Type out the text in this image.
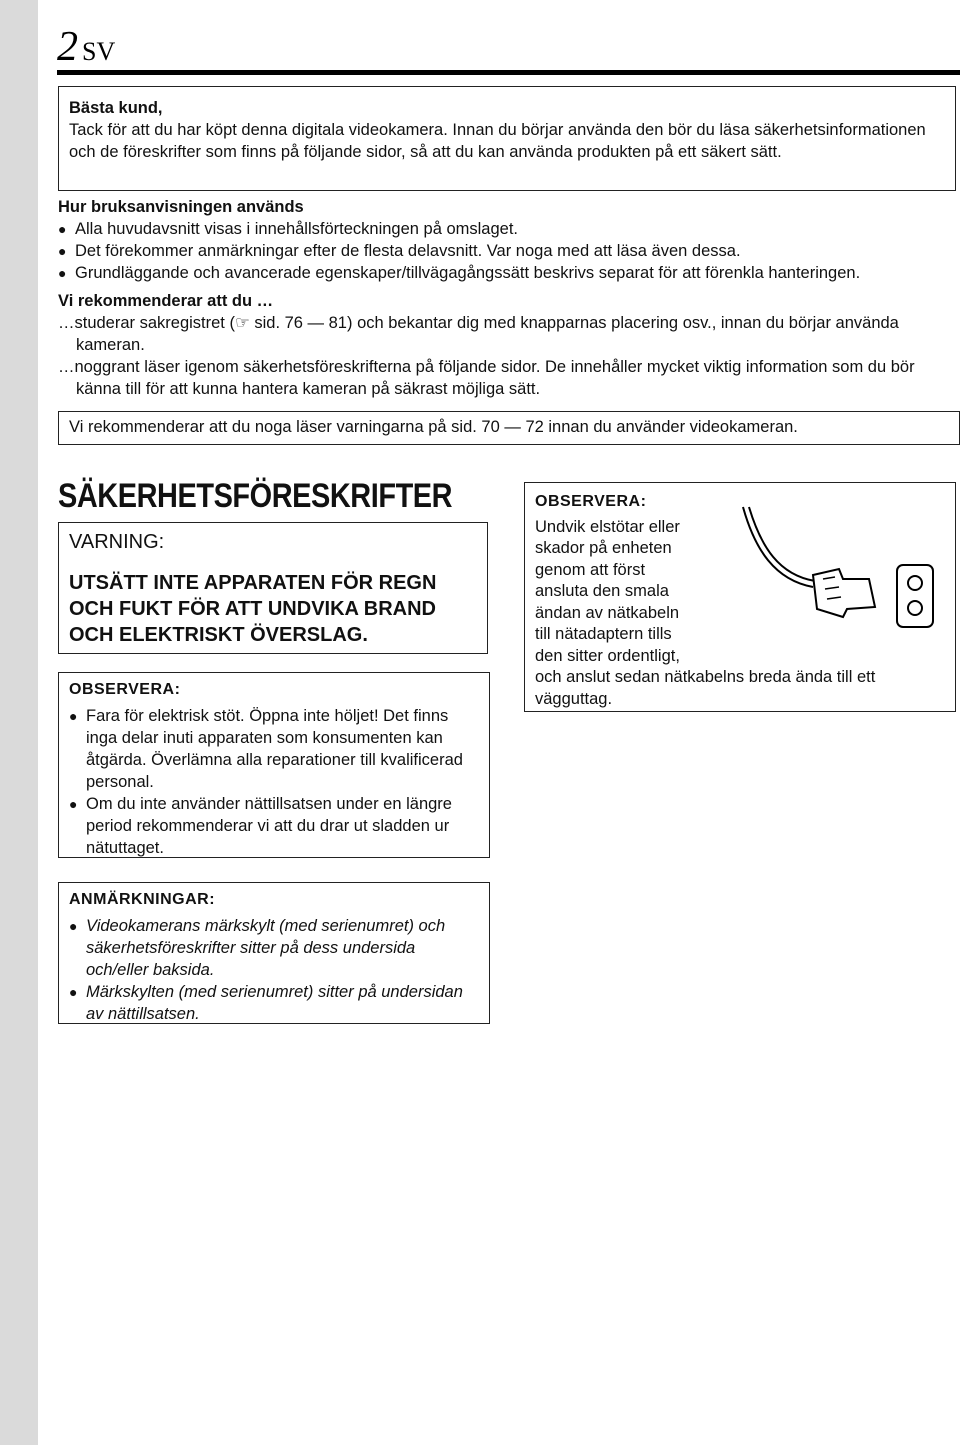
2 SV
Bästa kund,
Tack för att du har köpt denna digitala videokamera. Innan du börjar använda den bör du läsa säkerhetsinformationen och de föreskrifter som finns på följande sidor, så att du kan använda produkten på ett säkert sätt.
Hur bruksanvisningen används
● Alla huvudavsnitt visas i innehållsförteckningen på omslaget.
● Det förekommer anmärkningar efter de flesta delavsnitt. Var noga med att läsa även dessa.
● Grundläggande och avancerade egenskaper/tillvägagångssätt beskrivs separat för att förenkla hanteringen.
Vi rekommenderar att du …
…studerar sakregistret (☞ sid. 76 — 81) och bekantar dig med knapparnas placering osv., innan du börjar använda kameran.
…noggrant läser igenom säkerhetsföreskrifterna på följande sidor. De innehåller mycket viktig information som du bör känna till för att kunna hantera kameran på säkrast möjliga sätt.
Vi rekommenderar att du noga läser varningarna på sid. 70 — 72 innan du använder videokameran.
SÄKERHETSFÖRESKRIFTER
VARNING:
UTSÄTT INTE APPARATEN FÖR REGN OCH FUKT FÖR ATT UNDVIKA BRAND OCH ELEKTRISKT ÖVERSLAG.
OBSERVERA:
● Fara för elektrisk stöt. Öppna inte höljet! Det finns inga delar inuti apparaten som konsumenten kan åtgärda. Överlämna alla reparationer till kvalificerad personal.
● Om du inte använder nättillsatsen under en längre period rekommenderar vi att du drar ut sladden ur nätuttaget.
OBSERVERA:
Undvik elstötar eller
skador på enheten
genom att först
ansluta den smala
ändan av nätkabeln
till nätadaptern tills
den sitter ordentligt,
och anslut sedan nätkabelns breda ända till ett vägguttag.
ANMÄRKNINGAR:
● Videokamerans märkskylt (med serienumret) och säkerhetsföreskrifter sitter på dess undersida och/eller baksida.
● Märkskylten (med serienumret) sitter på undersidan av nättillsatsen.
